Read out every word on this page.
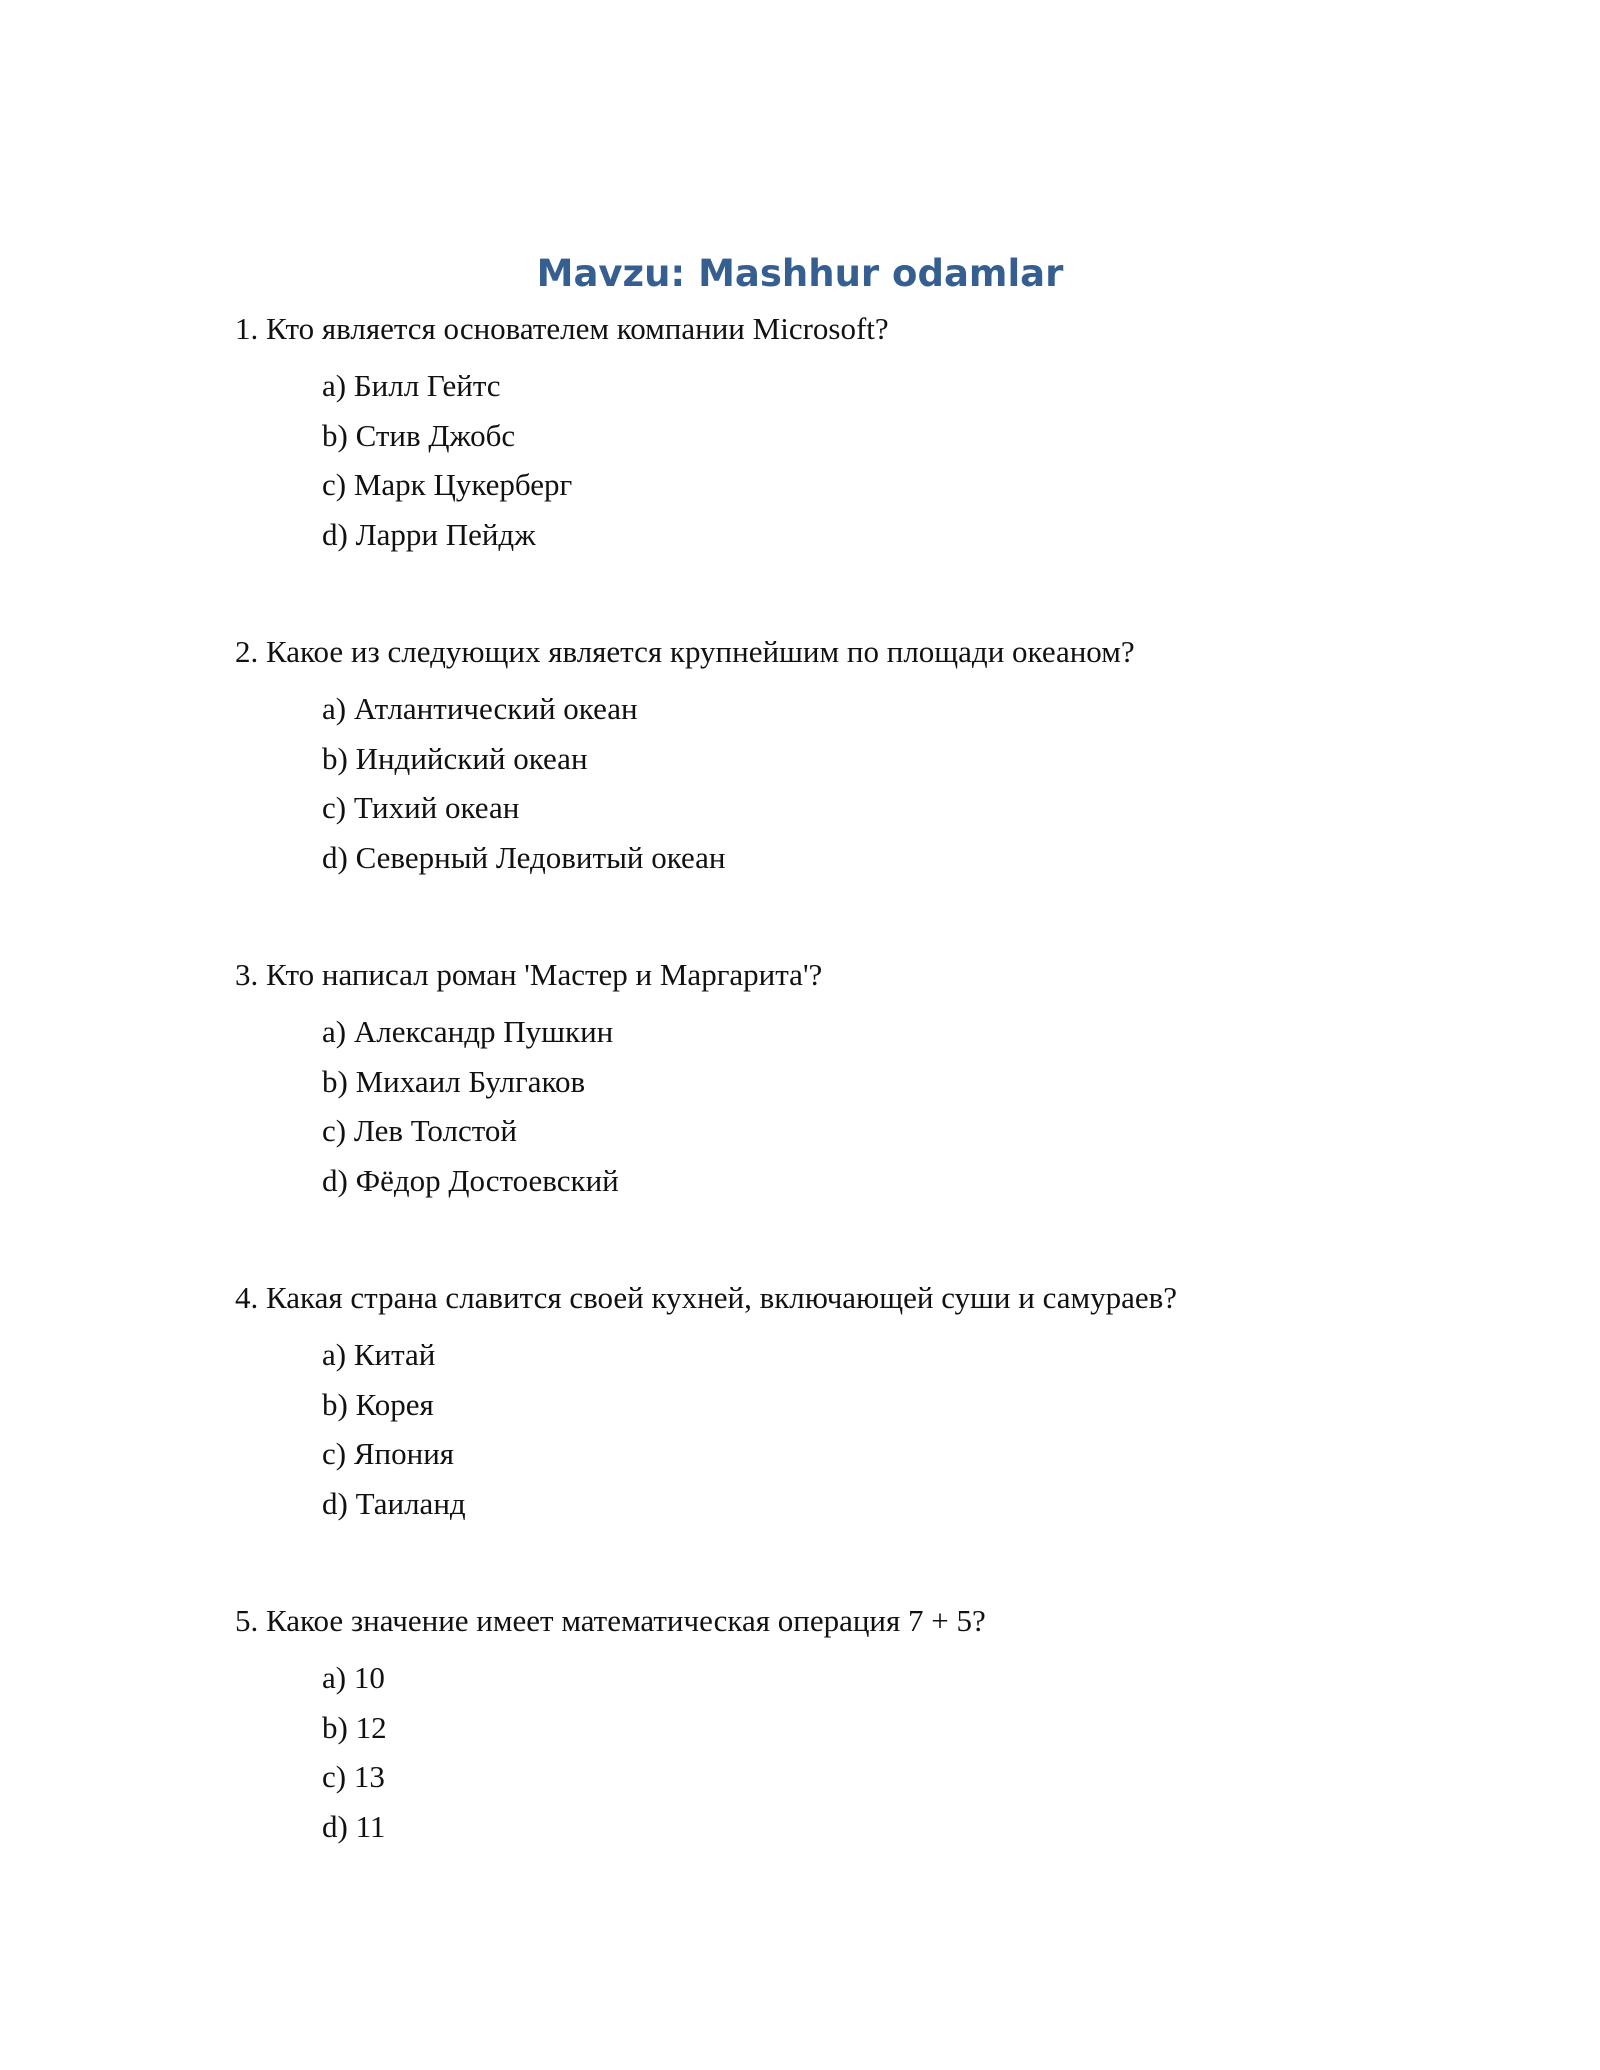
Mavzu: Mashhur odamlar

1. Кто является основателем компании Microsoft?

a) Билл Гейтс
b) Стив Джобс
c) Марк Цукерберг
d) Ларри Пейдж

2. Какое из следующих является крупнейшим по площади океаном?

a) Атлантический океан
b) Индийский океан
c) Тихий океан
d) Северный Ледовитый океан

3. Кто написал роман 'Мастер и Маргарита'?

a) Александр Пушкин
b) Михаил Булгаков
c) Лев Толстой
d) Фёдор Достоевский

4. Какая страна славится своей кухней, включающей суши и самураев?

a) Китай
b) Корея
c) Япония
d) Таиланд

5. Какое значение имеет математическая операция 7 + 5?

a) 10
b) 12
c) 13
d) 11
